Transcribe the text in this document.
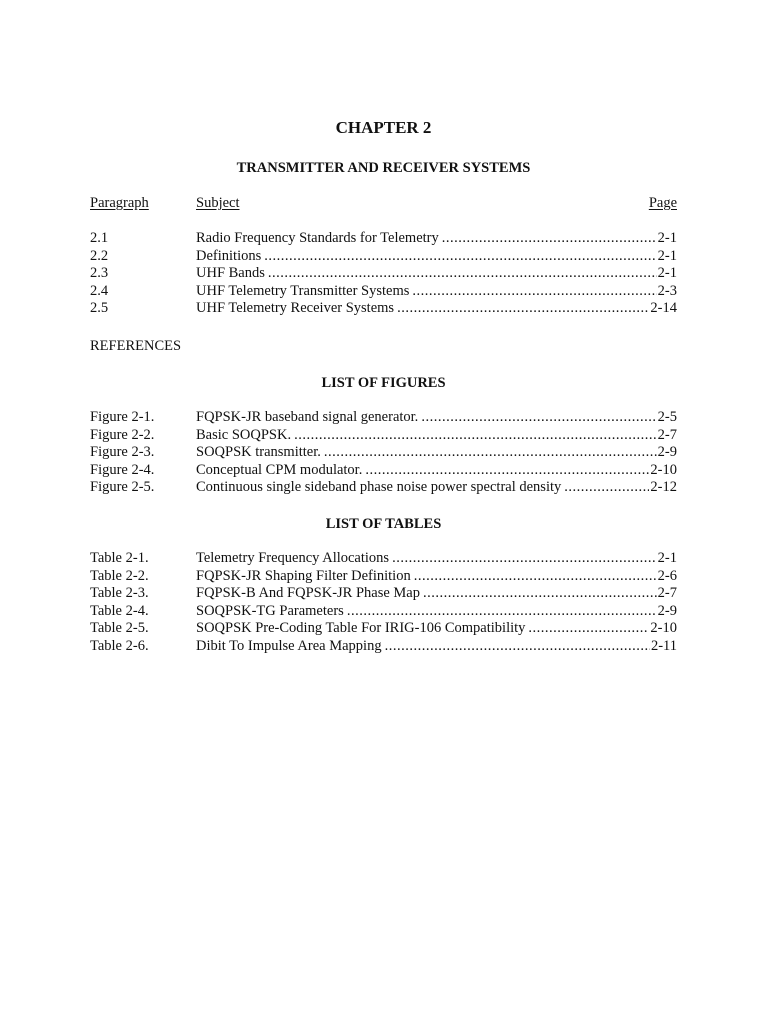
CHAPTER 2
TRANSMITTER AND RECEIVER SYSTEMS
Paragraph	Subject	Page
2.1	Radio Frequency Standards for Telemetry .....	2-1
2.2	Definitions .....	2-1
2.3	UHF Bands .....	2-1
2.4	UHF Telemetry Transmitter Systems .....	2-3
2.5	UHF Telemetry Receiver Systems .....	2-14
REFERENCES
LIST OF FIGURES
Figure 2-1.	FQPSK-JR baseband signal generator. .....	2-5
Figure 2-2.	Basic SOQPSK. .....	2-7
Figure 2-3.	SOQPSK transmitter. .....	2-9
Figure 2-4.	Conceptual CPM modulator. .....	2-10
Figure 2-5.	Continuous single sideband phase noise power spectral density .....	2-12
LIST OF TABLES
Table 2-1.	Telemetry Frequency Allocations .....	2-1
Table 2-2.	FQPSK-JR Shaping Filter Definition .....	2-6
Table 2-3.	FQPSK-B And FQPSK-JR Phase Map .....	2-7
Table 2-4.	SOQPSK-TG Parameters .....	2-9
Table 2-5.	SOQPSK Pre-Coding Table For IRIG-106 Compatibility .....	2-10
Table 2-6.	Dibit To Impulse Area Mapping .....	2-11
